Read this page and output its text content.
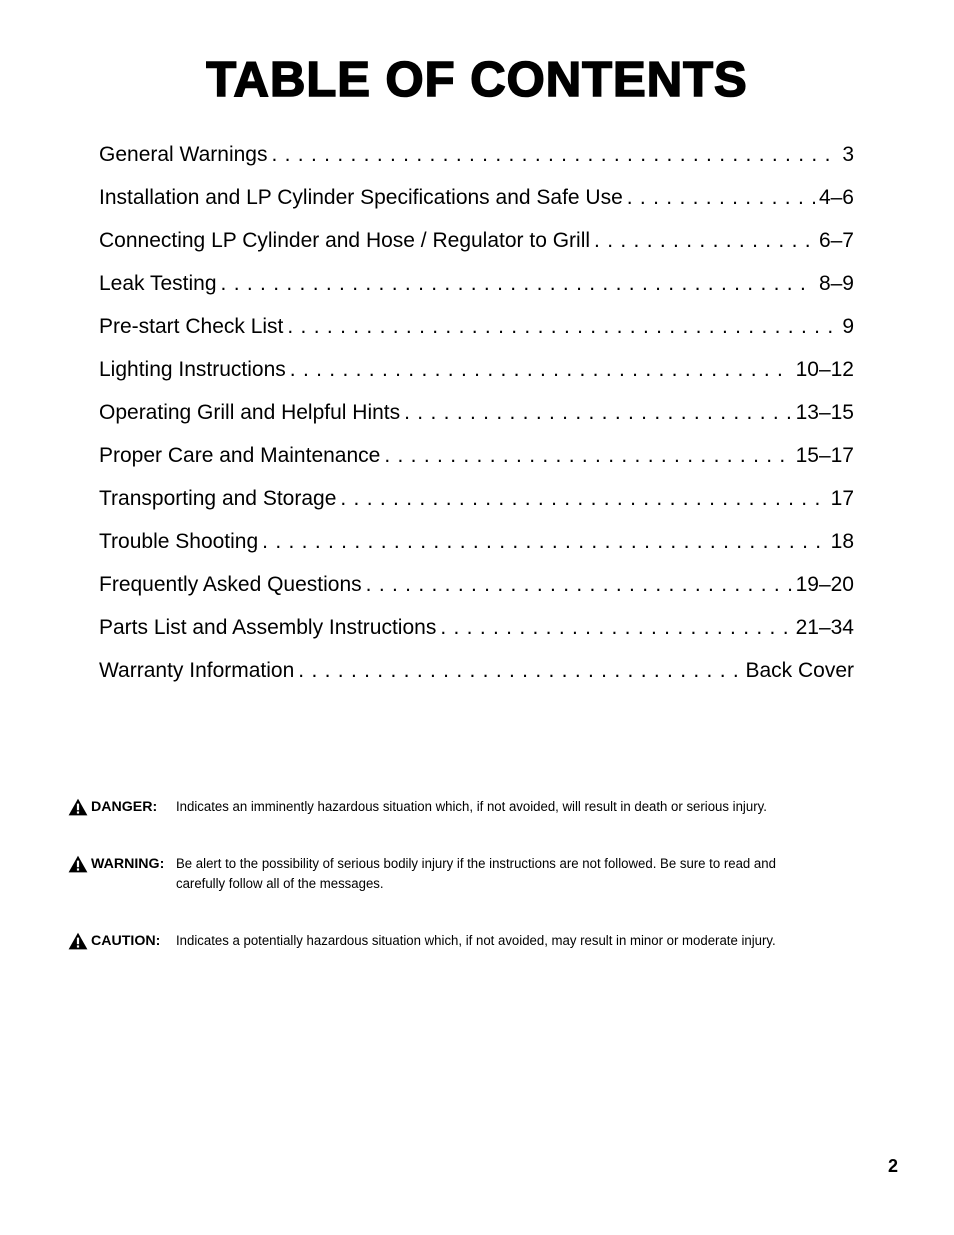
TABLE OF CONTENTS
General Warnings . . .	3
Installation and LP Cylinder Specifications and Safe Use . . .	4–6
Connecting LP Cylinder and Hose / Regulator to Grill . . .	6–7
Leak Testing . . .	8–9
Pre-start Check List . . .	9
Lighting Instructions . . .	10–12
Operating Grill and Helpful Hints . . .	13–15
Proper Care and Maintenance . . .	15–17
Transporting and Storage . . .	17
Trouble Shooting . . .	18
Frequently Asked Questions . . .	19–20
Parts List and Assembly Instructions . . .	21–34
Warranty Information . . .	Back Cover
DANGER: Indicates an imminently hazardous situation which, if not avoided, will result in death or serious injury.
WARNING: Be alert to the possibility of serious bodily injury if the instructions are not followed. Be sure to read and carefully follow all of the messages.
CAUTION: Indicates a potentially hazardous situation which, if not avoided, may result in minor or moderate injury.
2
